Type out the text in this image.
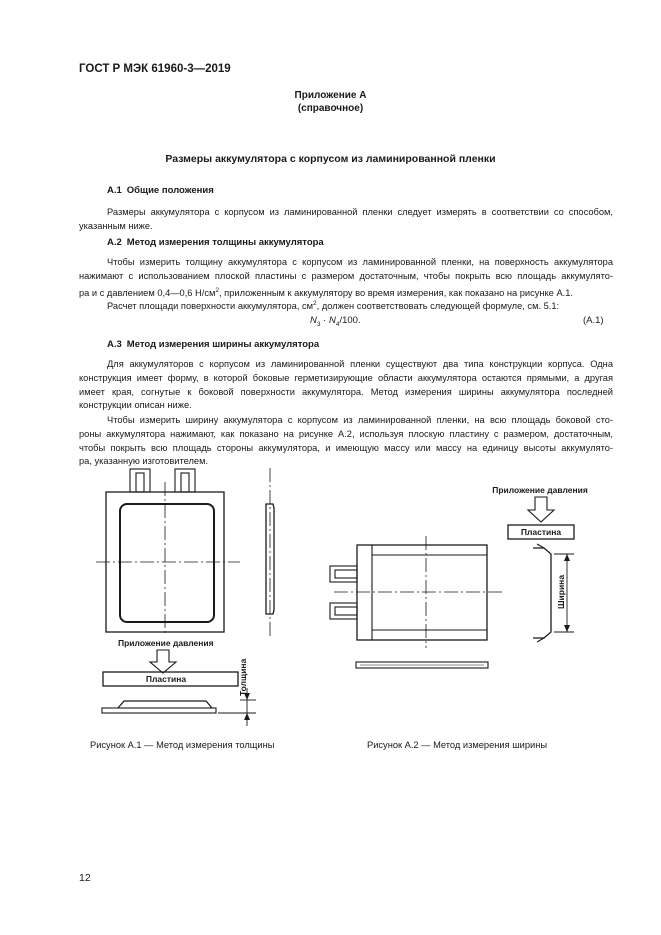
ГОСТ Р МЭК 61960-3—2019
Приложение А
(справочное)
Размеры аккумулятора с корпусом из ламинированной пленки
А.1 Общие положения
Размеры аккумулятора с корпусом из ламинированной пленки следует измерять в соответствии со способом,
указанным ниже.
А.2 Метод измерения толщины аккумулятора
Чтобы измерить толщину аккумулятора с корпусом из ламинированной пленки, на поверхность аккумулятора
нажимают с использованием плоской пластины с размером достаточным, чтобы покрыть всю площадь аккумулято-
ра и с давлением 0,4—0,6 $Н/см^2$, приложенным к аккумулятору во время измерения, как показано на рисунке А.1.
Расчет площади поверхности аккумулятора, $см^2$, должен соответствовать следующей формуле, см. 5.1:
$N_3 \cdot N_4/100$.	(А.1)
А.3 Метод измерения ширины аккумулятора
Для аккумуляторов с корпусом из ламинированной пленки существуют два типа конструкции корпуса. Одна
конструкция имеет форму, в которой боковые герметизирующие области аккумулятора остаются прямыми, а другая
имеет края, согнутые к боковой поверхности аккумулятора. Метод измерения ширины аккумулятора последней
конструкции описан ниже.
Чтобы измерить ширину аккумулятора с корпусом из ламинированной пленки, на всю площадь боковой сто-
роны аккумулятора нажимают, как показано на рисунке А.2, используя плоскую пластину с размером, достаточным,
чтобы покрыть всю площадь стороны аккумулятора, и имеющую массу или массу на единицу высоты аккумулято-
ра, указанную изготовителем.
Приложение давления
Пластина	Толщина
Приложение давления
Пластина
Ширина
Рисунок А.1 — Метод измерения толщины	Рисунок А.2 — Метод измерения ширины
12
